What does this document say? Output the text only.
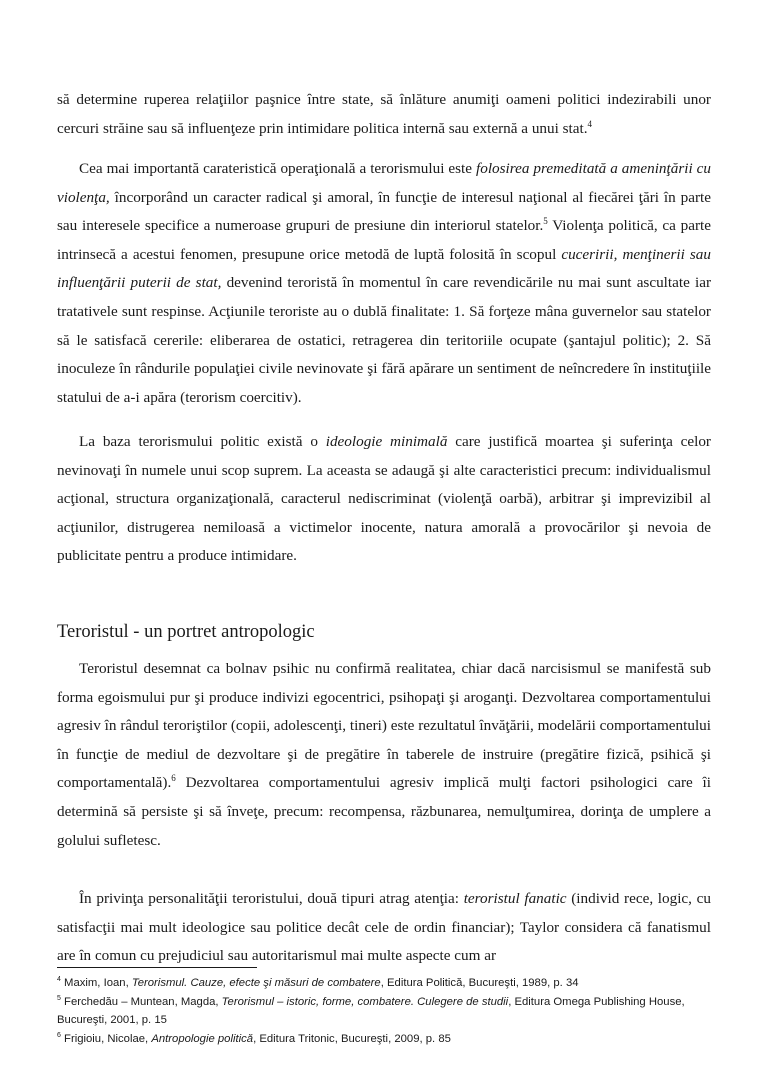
să determine ruperea relaţiilor paşnice între state, să înlăture anumiţi oameni politici indezirabili unor cercuri străine sau să influenţeze prin intimidare politica internă sau externă a unui stat.$^4$

Cea mai importantă carateristică operaţională a terorismului este folosirea premeditată a ameninţării cu violenţa, încorporând un caracter radical şi amoral, în funcţie de interesul naţional al fiecărei ţări în parte sau interesele specifice a numeroase grupuri de presiune din interiorul statelor.$^5$ Violenţa politică, ca parte intrinsecă a acestui fenomen, presupune orice metodă de luptă folosită în scopul cuceririi, menţinerii sau influenţării puterii de stat, devenind teroristă în momentul în care revendicările nu mai sunt ascultate iar tratativele sunt respinse. Acţiunile teroriste au o dublă finalitate: 1. Să forţeze mâna guvernelor sau statelor să le satisfacă cererile: eliberarea de ostatici, retragerea din teritoriile ocupate (şantajul politic); 2. Să inoculeze în rândurile populaţiei civile nevinovate şi fără apărare un sentiment de neîncredere în instituţiile statului de a-i apăra (terorism coercitiv).

La baza terorismului politic există o ideologie minimală care justifică moartea şi suferinţa celor nevinovaţi în numele unui scop suprem. La aceasta se adaugă şi alte caracteristici precum: individualismul acţional, structura organizaţională, caracterul nediscriminat (violenţă oarbă), arbitrar şi imprevizibil al acţiunilor, distrugerea nemiloasă a victimelor inocente, natura amorală a provocărilor şi nevoia de publicitate pentru a produce intimidare.

Teroristul - un portret antropologic

Teroristul desemnat ca bolnav psihic nu confirmă realitatea, chiar dacă narcisismul se manifestă sub forma egoismului pur şi produce indivizi egocentrici, psihopaţi şi aroganţi. Dezvoltarea comportamentului agresiv în rândul teroriştilor (copii, adolescenţi, tineri) este rezultatul învăţării, modelării comportamentului în funcţie de mediul de dezvoltare şi de pregătire în taberele de instruire (pregătire fizică, psihică şi comportamentală).$^6$ Dezvoltarea comportamentului agresiv implică mulţi factori psihologici care îi determină să persiste şi să înveţe, precum: recompensa, răzbunarea, nemulţumirea, dorinţa de umplere a golului sufletesc.

În privinţa personalităţii teroristului, două tipuri atrag atenţia: teroristul fanatic (individ rece, logic, cu satisfacţii mai mult ideologice sau politice decât cele de ordin financiar); Taylor considera că fanatismul are în comun cu prejudiciul sau autoritarismul mai multe aspecte cum ar

$^4$ Maxim, Ioan, Terorismul. Cauze, efecte şi măsuri de combatere, Editura Politică, Bucureşti, 1989, p. 34

$^5$ Ferchedău – Muntean, Magda, Terorismul – istoric, forme, combatere. Culegere de studii, Editura Omega Publishing House, Bucureşti, 2001, p. 15

$^6$ Frigioiu, Nicolae, Antropologie politică, Editura Tritonic, Bucureşti, 2009, p. 85
